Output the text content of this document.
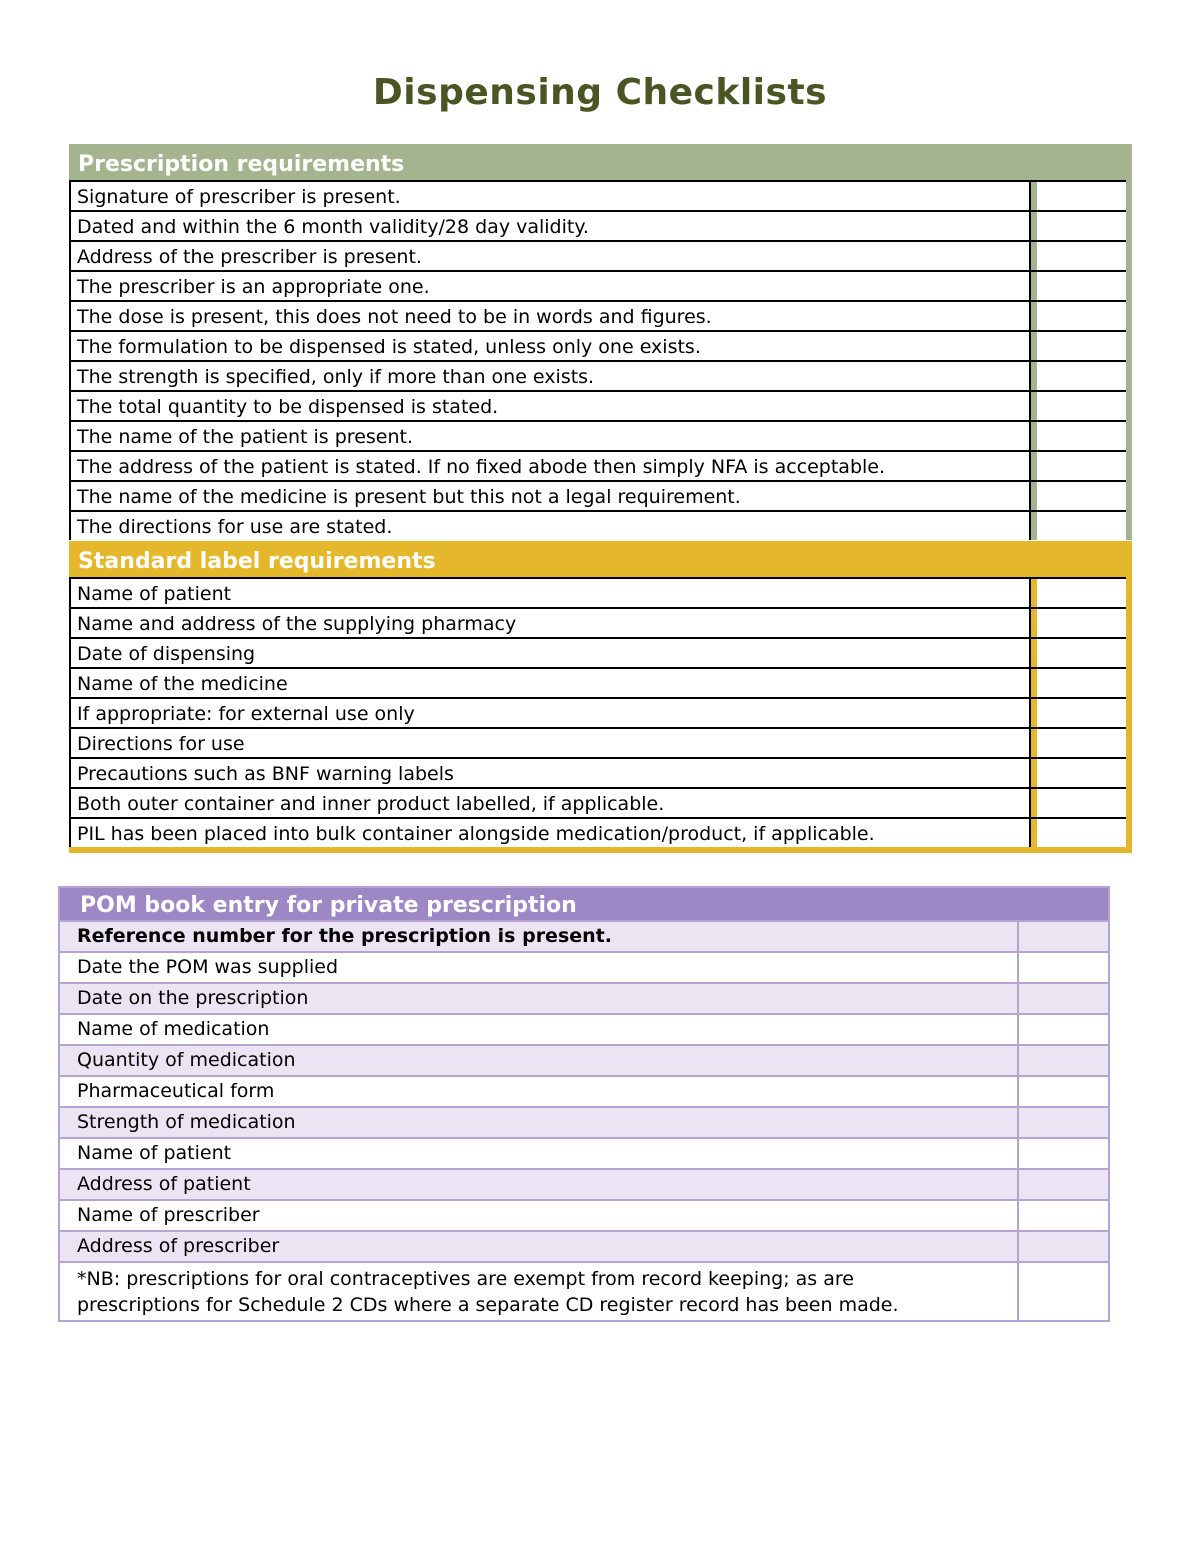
Dispensing Checklists
Prescription requirements
Signature of prescriber is present.
Dated and within the 6 month validity/28 day validity.
Address of the prescriber is present.
The prescriber is an appropriate one.
The dose is present, this does not need to be in words and figures.
The formulation to be dispensed is stated, unless only one exists.
The strength is specified, only if more than one exists.
The total quantity to be dispensed is stated.
The name of the patient is present.
The address of the patient is stated. If no fixed abode then simply NFA is acceptable.
The name of the medicine is present but this not a legal requirement.
The directions for use are stated.
Standard label requirements
Name of patient
Name and address of the supplying pharmacy
Date of dispensing
Name of the medicine
If appropriate: for external use only
Directions for use
Precautions such as BNF warning labels
Both outer container and inner product labelled, if applicable.
PIL has been placed into bulk container alongside medication/product, if applicable.
POM book entry for private prescription
Reference number for the prescription is present.
Date the POM was supplied
Date on the prescription
Name of medication
Quantity of medication
Pharmaceutical form
Strength of medication
Name of patient
Address of patient
Name of prescriber
Address of prescriber
*NB: prescriptions for oral contraceptives are exempt from record keeping; as are prescriptions for Schedule 2 CDs where a separate CD register record has been made.
